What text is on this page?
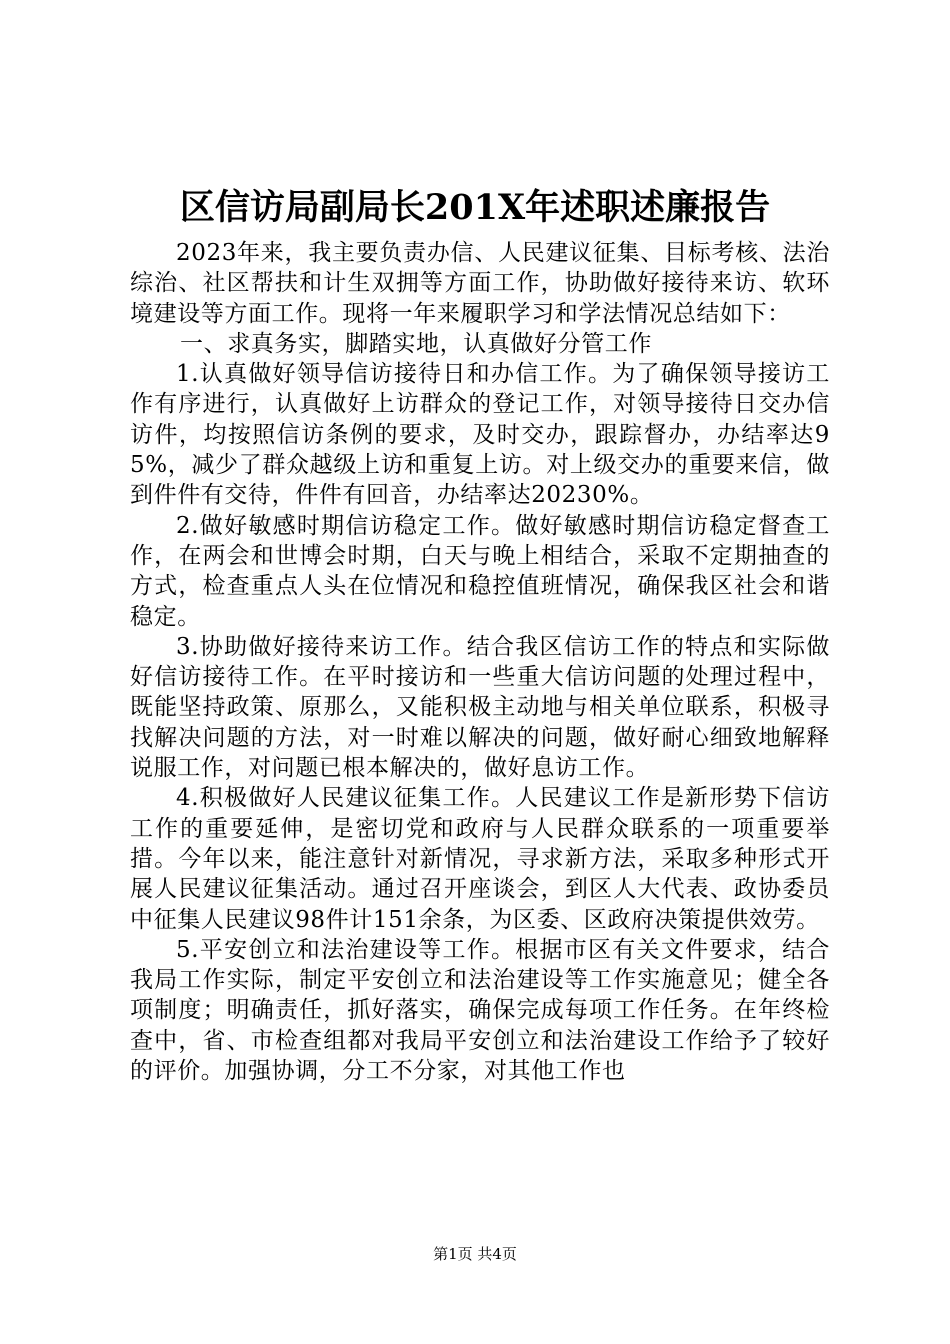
区信访局副局长201X年述职述廉报告

2023年来，我主要负责办信、人民建议征集、目标考核、法治综治、社区帮扶和计生双拥等方面工作，协助做好接待来访、软环境建设等方面工作。现将一年来履职学习和学法情况总结如下：

一、求真务实，脚踏实地，认真做好分管工作

1.认真做好领导信访接待日和办信工作。为了确保领导接访工作有序进行，认真做好上访群众的登记工作，对领导接待日交办信访件，均按照信访条例的要求，及时交办，跟踪督办，办结率达95%，减少了群众越级上访和重复上访。对上级交办的重要来信，做到件件有交待，件件有回音，办结率达20230%。

2.做好敏感时期信访稳定工作。做好敏感时期信访稳定督查工作，在两会和世博会时期，白天与晚上相结合，采取不定期抽查的方式，检查重点人头在位情况和稳控值班情况，确保我区社会和谐稳定。

3.协助做好接待来访工作。结合我区信访工作的特点和实际做好信访接待工作。在平时接访和一些重大信访问题的处理过程中，既能坚持政策、原那么，又能积极主动地与相关单位联系，积极寻找解决问题的方法，对一时难以解决的问题，做好耐心细致地解释说服工作，对问题已根本解决的，做好息访工作。

4.积极做好人民建议征集工作。人民建议工作是新形势下信访工作的重要延伸，是密切党和政府与人民群众联系的一项重要举措。今年以来，能注意针对新情况，寻求新方法，采取多种形式开展人民建议征集活动。通过召开座谈会，到区人大代表、政协委员中征集人民建议98件计151余条，为区委、区政府决策提供效劳。

5.平安创立和法治建设等工作。根据市区有关文件要求，结合我局工作实际，制定平安创立和法治建设等工作实施意见；健全各项制度；明确责任，抓好落实，确保完成每项工作任务。在年终检查中，省、市检查组都对我局平安创立和法治建设工作给予了较好的评价。加强协调，分工不分家，对其他工作也

第1页 共4页
